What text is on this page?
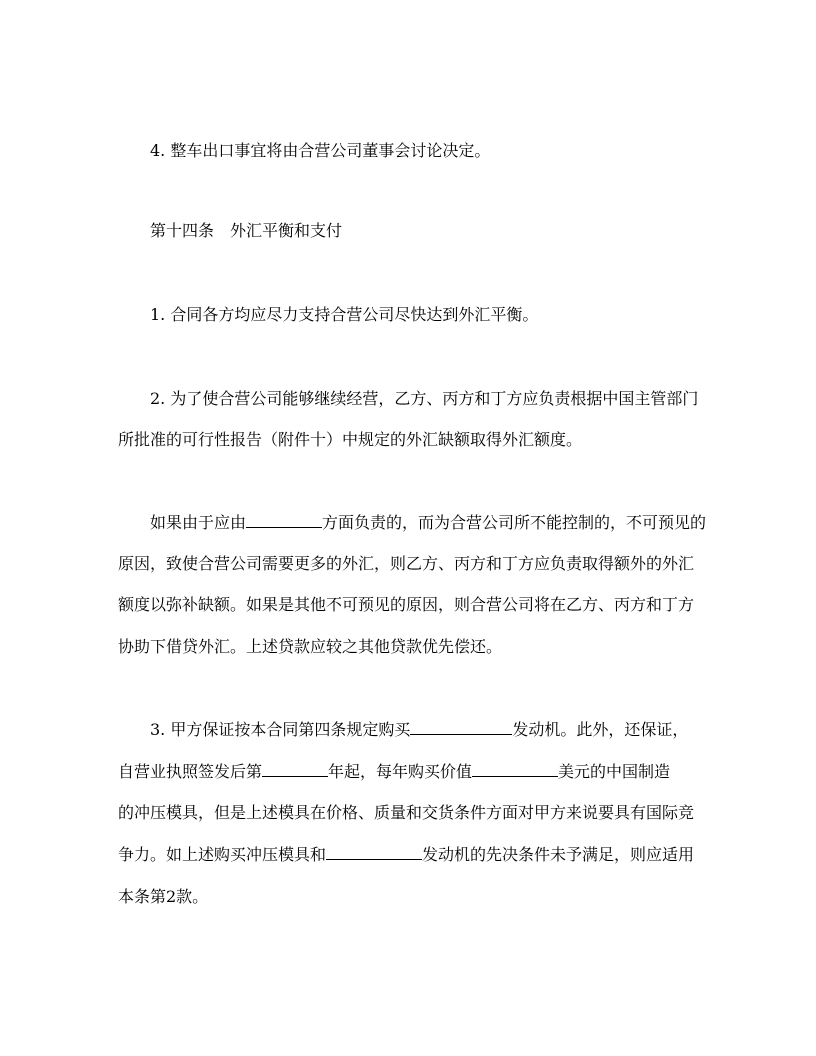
4. 整车出口事宜将由合营公司董事会讨论决定。
第十四条　外汇平衡和支付
1. 合同各方均应尽力支持合营公司尽快达到外汇平衡。
2. 为了使合营公司能够继续经营，乙方、丙方和丁方应负责根据中国主管部门
所批准的可行性报告（附件十）中规定的外汇缺额取得外汇额度。
如果由于应由	方面负责的，而为合营公司所不能控制的，不可预见的
原因，致使合营公司需要更多的外汇，则乙方、丙方和丁方应负责取得额外的外汇
额度以弥补缺额。如果是其他不可预见的原因，则合营公司将在乙方、丙方和丁方
协助下借贷外汇。上述贷款应较之其他贷款优先偿还。
3. 甲方保证按本合同第四条规定购买	发动机。此外，还保证，
自营业执照签发后第	年起，每年购买价值	美元的中国制造
的冲压模具，但是上述模具在价格、质量和交货条件方面对甲方来说要具有国际竞
争力。如上述购买冲压模具和	发动机的先决条件未予满足，则应适用
本条第2款。
